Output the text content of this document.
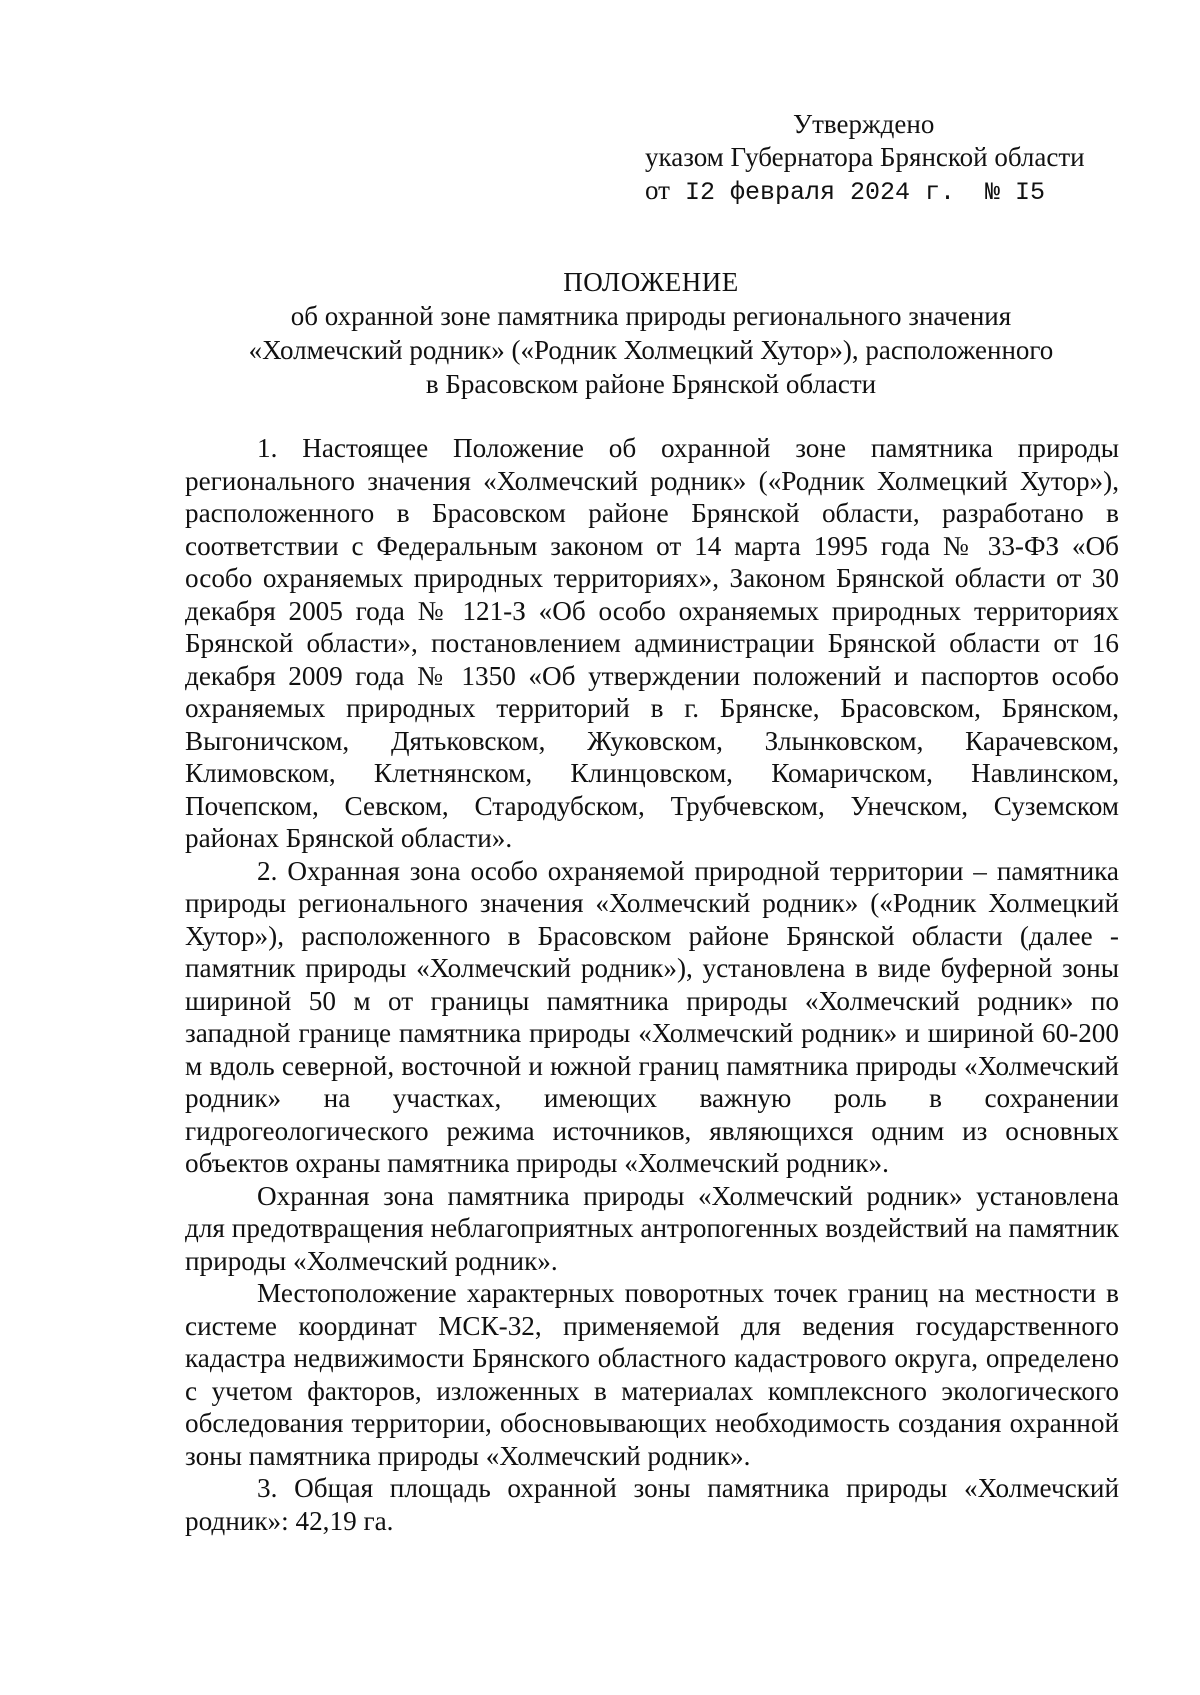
Утверждено
указом Губернатора Брянской области
от I2 февраля 2024 г. № I5
ПОЛОЖЕНИЕ
об охранной зоне памятника природы регионального значения
«Холмечский родник» («Родник Холмецкий Хутор»), расположенного
в Брасовском районе Брянской области

1. Настоящее Положение об охранной зоне памятника природы регионального значения «Холмечский родник» («Родник Холмецкий Хутор»), расположенного в Брасовском районе Брянской области, разработано в соответствии с Федеральным законом от 14 марта 1995 года № 33-ФЗ «Об особо охраняемых природных территориях», Законом Брянской области от 30 декабря 2005 года № 121-З «Об особо охраняемых природных территориях Брянской области», постановлением администрации Брянской области от 16 декабря 2009 года № 1350 «Об утверждении положений и паспортов особо охраняемых природных территорий в г. Брянске, Брасовском, Брянском, Выгоничском, Дятьковском, Жуковском, Злынковском, Карачевском, Климовском, Клетнянском, Клинцовском, Комаричском, Навлинском, Почепском, Севском, Стародубском, Трубчевском, Унечском, Суземском районах Брянской области».

2. Охранная зона особо охраняемой природной территории – памятника природы регионального значения «Холмечский родник» («Родник Холмецкий Хутор»), расположенного в Брасовском районе Брянской области (далее - памятник природы «Холмечский родник»), установлена в виде буферной зоны шириной 50 м от границы памятника природы «Холмечский родник» по западной границе памятника природы «Холмечский родник» и шириной 60-200 м вдоль северной, восточной и южной границ памятника природы «Холмечский родник» на участках, имеющих важную роль в сохранении гидрогеологического режима источников, являющихся одним из основных объектов охраны памятника природы «Холмечский родник».

Охранная зона памятника природы «Холмечский родник» установлена для предотвращения неблагоприятных антропогенных воздействий на памятник природы «Холмечский родник».

Местоположение характерных поворотных точек границ на местности в системе координат МСК-32, применяемой для ведения государственного кадастра недвижимости Брянского областного кадастрового округа, определено с учетом факторов, изложенных в материалах комплексного экологического обследования территории, обосновывающих необходимость создания охранной зоны памятника природы «Холмечский родник».

3. Общая площадь охранной зоны памятника природы «Холмечский родник»: 42,19 га.
